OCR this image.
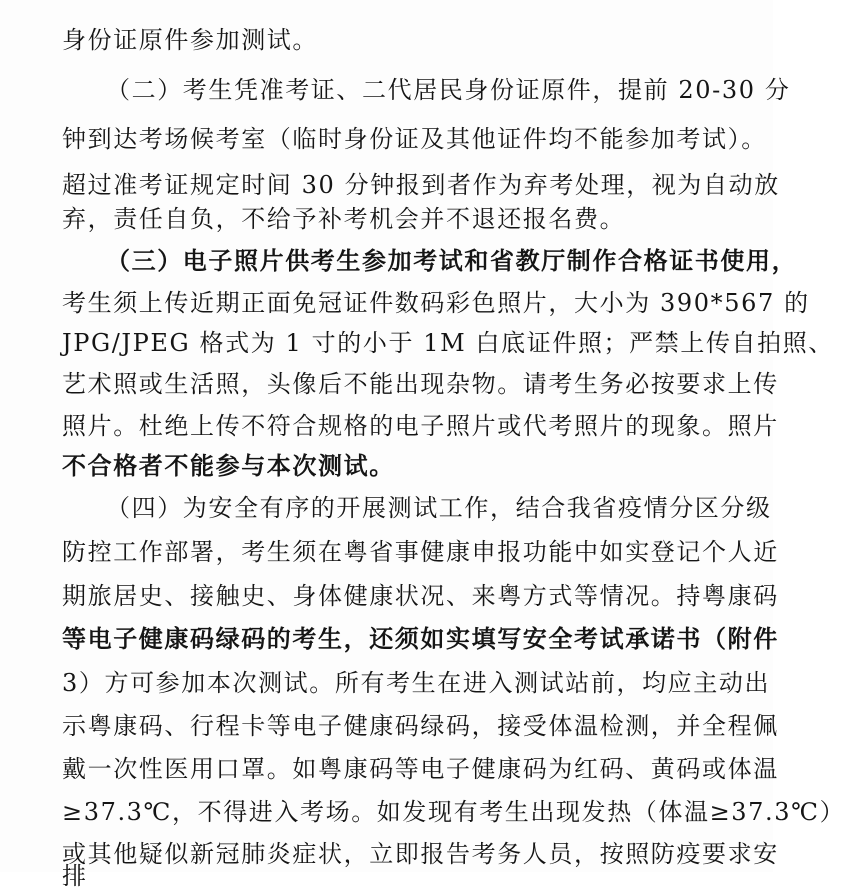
身份证原件参加测试。
（二）考生凭准考证、二代居民身份证原件，提前 20-30 分
钟到达考场候考室（临时身份证及其他证件均不能参加考试）。
超过准考证规定时间 30 分钟报到者作为弃考处理，视为自动放
弃，责任自负，不给予补考机会并不退还报名费。
（三）电子照片供考生参加考试和省教厅制作合格证书使用，
考生须上传近期正面免冠证件数码彩色照片，大小为 390*567 的
JPG/JPEG 格式为 1 寸的小于 1M 白底证件照；严禁上传自拍照、
艺术照或生活照，头像后不能出现杂物。请考生务必按要求上传
照片。杜绝上传不符合规格的电子照片或代考照片的现象。照片
不合格者不能参与本次测试。
（四）为安全有序的开展测试工作，结合我省疫情分区分级
防控工作部署，考生须在粤省事健康申报功能中如实登记个人近
期旅居史、接触史、身体健康状况、来粤方式等情况。持粤康码
等电子健康码绿码的考生，还须如实填写安全考试承诺书（附件
3）方可参加本次测试。所有考生在进入测试站前，均应主动出
示粤康码、行程卡等电子健康码绿码，接受体温检测，并全程佩
戴一次性医用口罩。如粤康码等电子健康码为红码、黄码或体温
≥37.3℃，不得进入考场。如发现有考生出现发热（体温≥37.3℃）
或其他疑似新冠肺炎症状，立即报告考务人员，按照防疫要求安
排
